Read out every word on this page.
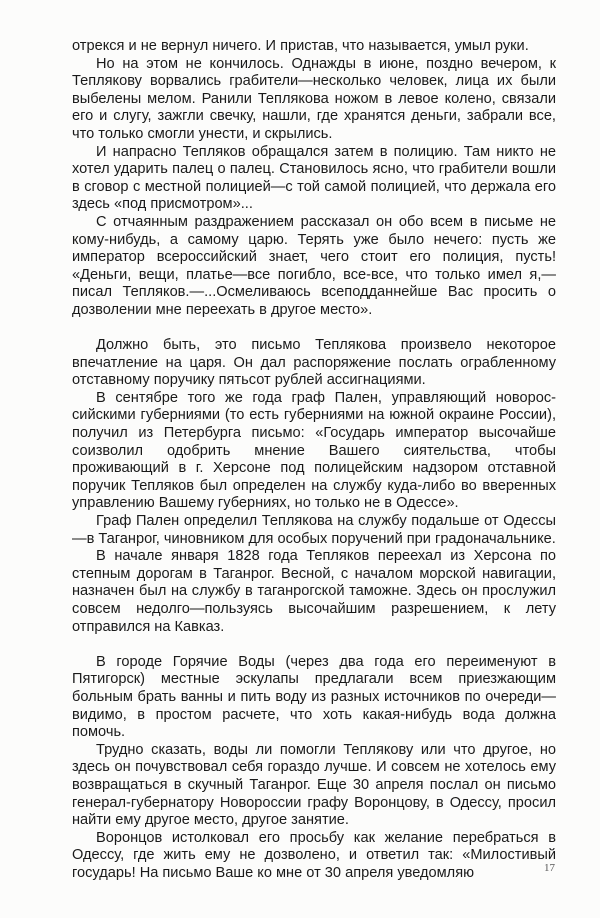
отрекся и не вернул ничего. И пристав, что называется, умыл руки.

Но на этом не кончилось. Однажды в июне, поздно вечером, к Теплякову ворвались грабители—несколько человек, лица их были выбелены мелом. Ранили Теплякова ножом в левое колено, связали его и слугу, зажгли свечку, нашли, где хранятся деньги, забрали все, что только смогли унести, и скрылись.

И напрасно Тепляков обращался затем в полицию. Там никто не хотел ударить палец о палец. Становилось ясно, что грабители вошли в сговор с местной полицией—с той самой полицией, что держала его здесь «под присмотром»...

С отчаянным раздражением рассказал он обо всем в письме не кому-нибудь, а самому царю. Терять уже было нечего: пусть же император всероссийский знает, чего стоит его полиция, пусть! «Деньги, вещи, платье—все погибло, все-все, что только имел я,— писал Тепляков.—...Осмеливаюсь всеподданнейше Вас просить о дозволении мне переехать в другое место».

Должно быть, это письмо Теплякова произвело некоторое впечатление на царя. Он дал распоряжение послать ограбленному отставному поручику пятьсот рублей ассигнациями.

В сентябре того же года граф Пален, управляющий новороссийскими губерниями (то есть губерниями на южной окраине России), получил из Петербурга письмо: «Государь император высочайше соизволил одобрить мнение Вашего сиятельства, чтобы проживающий в г. Херсоне под полицейским надзором отставной поручик Тепляков был определен на службу куда-либо во вверенных управлению Вашему губерниях, но только не в Одессе».

Граф Пален определил Теплякова на службу подальше от Одессы—в Таганрог, чиновником для особых поручений при градоначальнике.

В начале января 1828 года Тепляков переехал из Херсона по степным дорогам в Таганрог. Весной, с началом морской навигации, назначен был на службу в таганрогской таможне. Здесь он прослужил совсем недолго—пользуясь высочайшим разрешением, к лету отправился на Кавказ.

В городе Горячие Воды (через два года его переименуют в Пятигорск) местные эскулапы предлагали всем приезжающим больным брать ванны и пить воду из разных источников по очереди— видимо, в простом расчете, что хоть какая-нибудь вода должна помочь.

Трудно сказать, воды ли помогли Теплякову или что другое, но здесь он почувствовал себя гораздо лучше. И совсем не хотелось ему возвращаться в скучный Таганрог. Еще 30 апреля послал он письмо генерал-губернатору Новороссии графу Воронцову, в Одессу, просил найти ему другое место, другое занятие.

Воронцов истолковал его просьбу как желание перебраться в Одессу, где жить ему не дозволено, и ответил так: «Милостивый государь! На письмо Ваше ко мне от 30 апреля уведомляю	17
